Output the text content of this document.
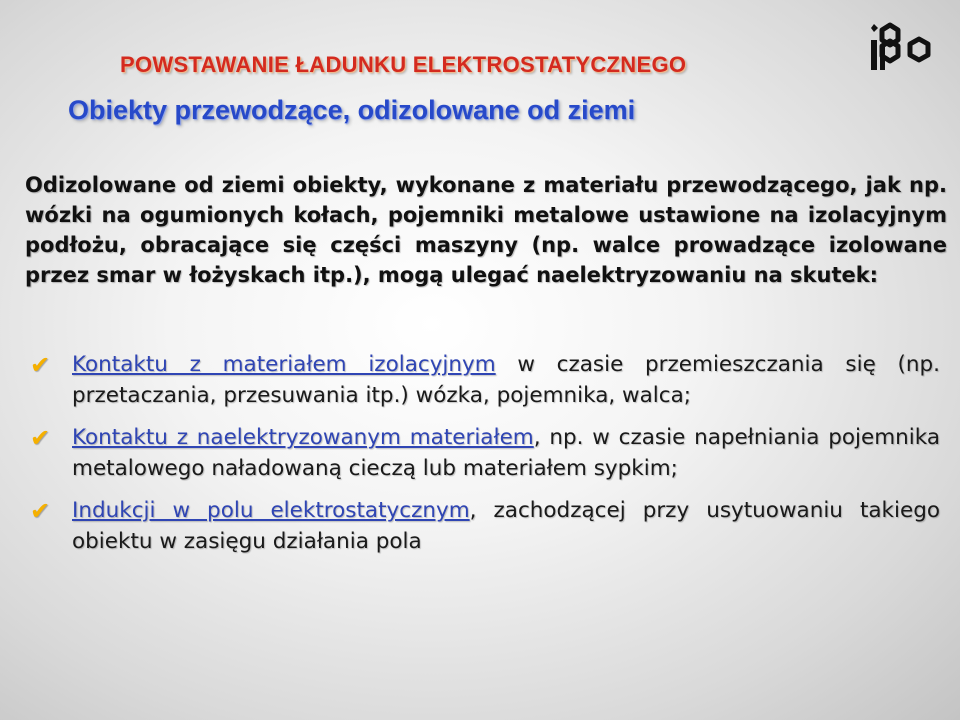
POWSTAWANIE ŁADUNKU ELEKTROSTATYCZNEGO
Obiekty przewodzące, odizolowane od ziemi
Odizolowane od ziemi obiekty, wykonane z materiału przewodzącego, jak np. wózki na ogumionych kołach, pojemniki metalowe ustawione na izolacyjnym podłożu, obracające się części maszyny (np. walce prowadzące izolowane przez smar w łożyskach itp.), mogą ulegać naelektryzowaniu na skutek:
✔ Kontaktu z materiałem izolacyjnym w czasie przemieszczania się (np. przetaczania, przesuwania itp.) wózka, pojemnika, walca;
✔ Kontaktu z naelektryzowanym materiałem, np. w czasie napełniania pojemnika metalowego naładowaną cieczą lub materiałem sypkim;
✔ Indukcji w polu elektrostatycznym, zachodzącej przy usytuowaniu takiego obiektu w zasięgu działania pola
